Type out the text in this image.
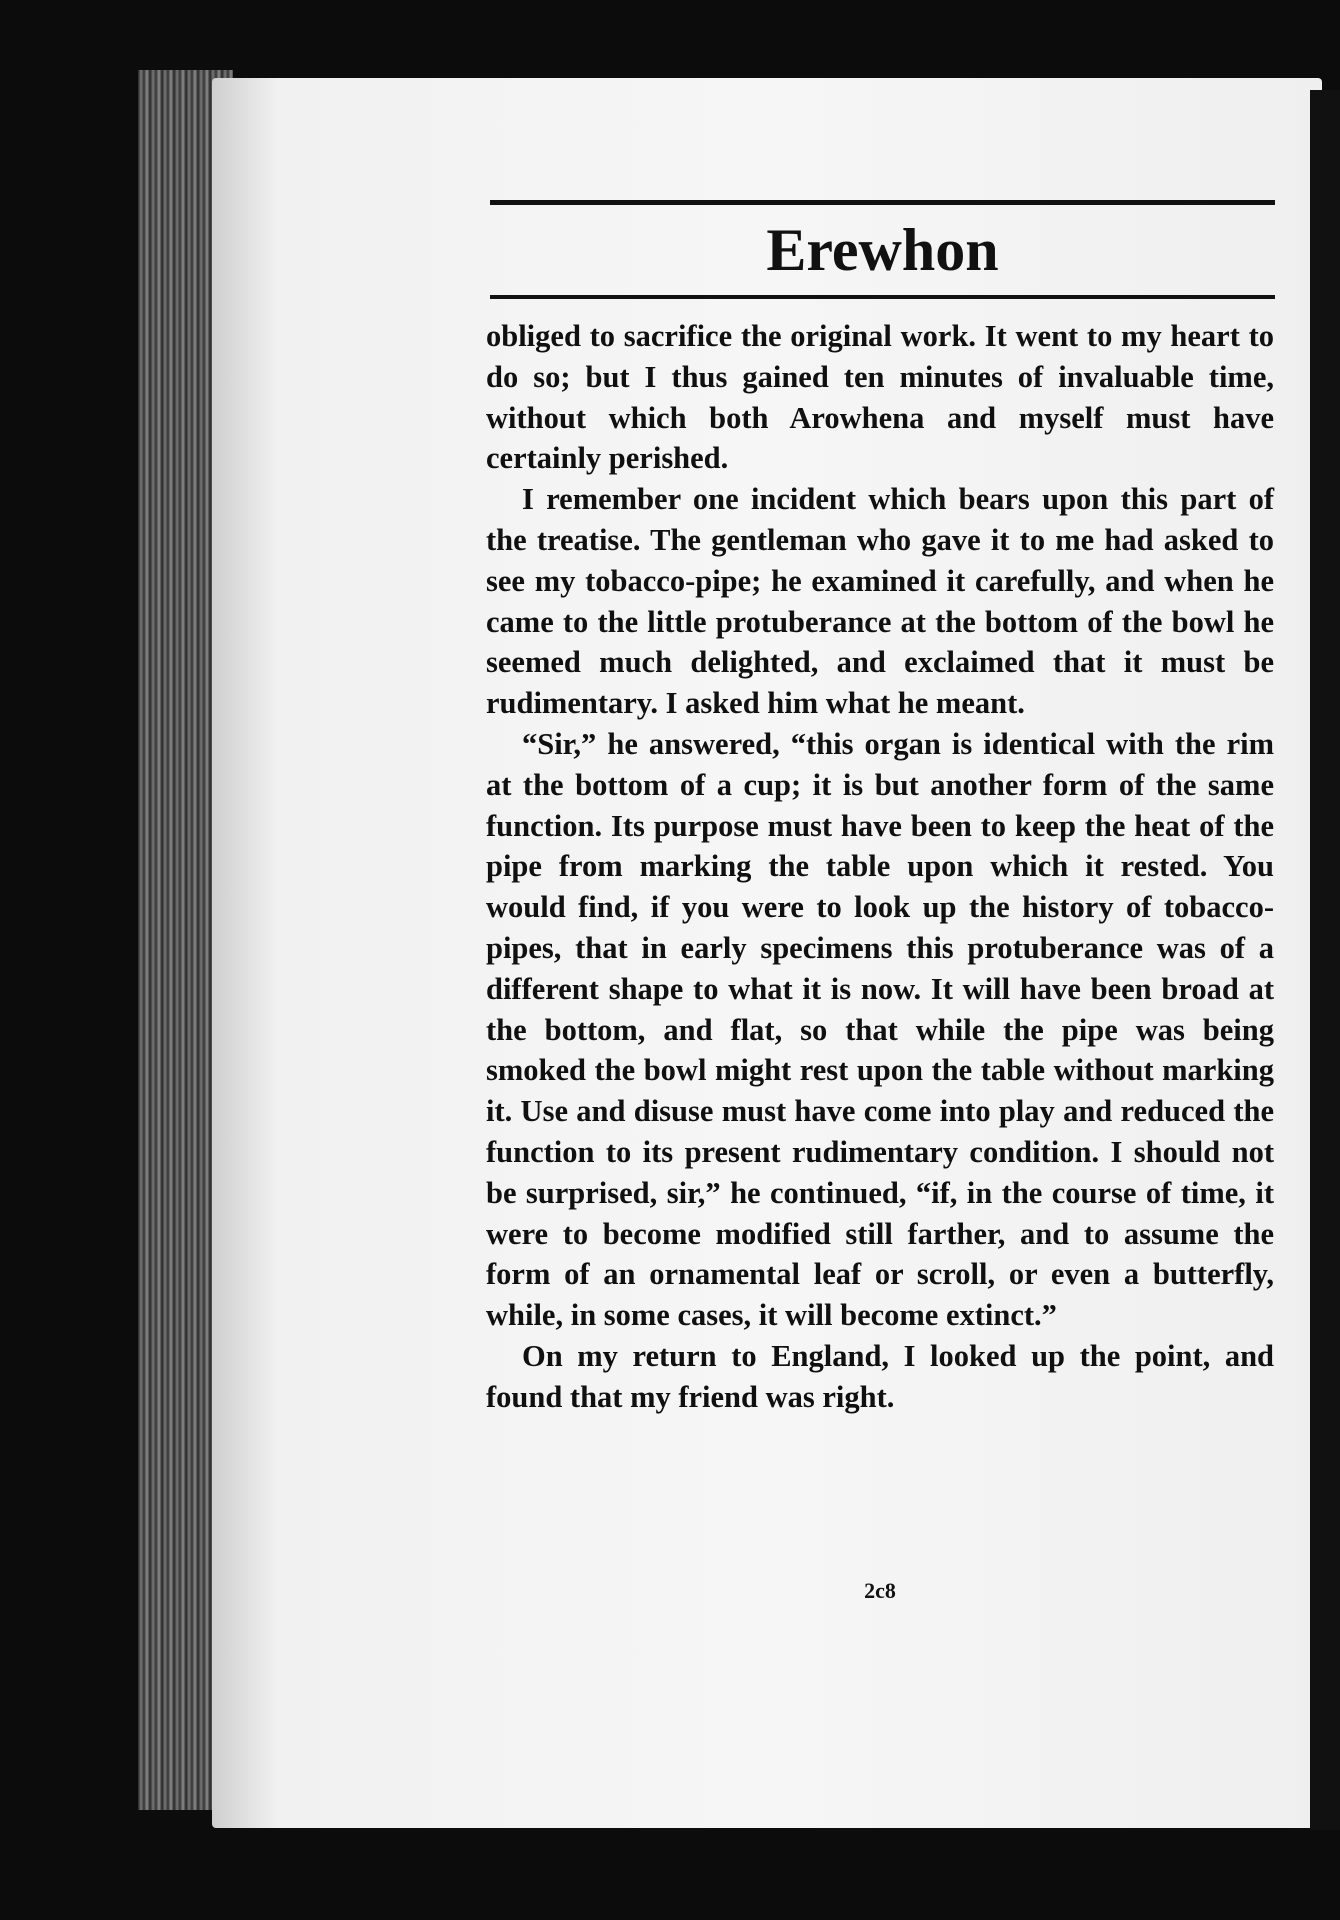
Erewhon

obliged to sacrifice the original work. It went to my heart to do so; but I thus gained ten minutes of invaluable time, without which both Arowhena and myself must have certainly perished.

I remember one incident which bears upon this part of the treatise. The gentleman who gave it to me had asked to see my tobacco-pipe; he examined it carefully, and when he came to the little protuberance at the bottom of the bowl he seemed much delighted, and exclaimed that it must be rudimentary. I asked him what he meant.

“Sir,” he answered, “this organ is identical with the rim at the bottom of a cup; it is but another form of the same function. Its purpose must have been to keep the heat of the pipe from marking the table upon which it rested. You would find, if you were to look up the history of tobacco-pipes, that in early specimens this protuberance was of a different shape to what it is now. It will have been broad at the bottom, and flat, so that while the pipe was being smoked the bowl might rest upon the table without marking it. Use and disuse must have come into play and reduced the function to its present rudimentary condition. I should not be surprised, sir,” he continued, “if, in the course of time, it were to become modified still farther, and to assume the form of an ornamental leaf or scroll, or even a butterfly, while, in some cases, it will become extinct.”

On my return to England, I looked up the point, and found that my friend was right.

2c8
